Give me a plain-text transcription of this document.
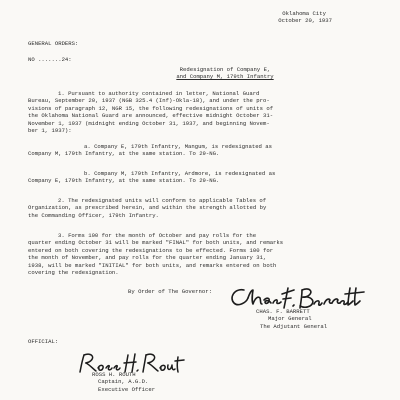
Oklahoma City
October 20, 1937
GENERAL ORDERS:
NO .......24:
Redesignation of Company E,
and Company M, 179th Infantry
1. Pursuant to authority contained in letter, National Guard
Bureau, September 20, 1937 (NGB 325.4 (Inf)-Okla-18), and under the pro-
visions of paragraph 12, NGR 15, the following redesignations of units of
the Oklahoma National Guard are announced, effective midnight October 31-
November 1, 1937 (midnight ending October 31, 1937, and beginning Novem-
ber 1, 1937):
a. Company E, 179th Infantry, Mangum, is redesignated as
Company M, 179th Infantry, at the same station. To 29-NG.
b. Company M, 179th Infantry, Ardmore, is redesignated as
Company E, 179th Infantry, at the same station. To 29-NG.
2. The redesignated units will conform to applicable Tables of
Organization, as prescribed herein, and within the strength allotted by
the Commanding Officer, 179th Infantry.
3. Forms 100 for the month of October and pay rolls for the
quarter ending October 31 will be marked "FINAL" for both units, and remarks
entered on both covering the redesignations to be effected. Forms 100 for
the month of November, and pay rolls for the quarter ending January 31,
1938, will be marked "INITIAL" for both units, and remarks entered on both
covering the redesignation.
By Order of The Governor:
CHAS. F. BARRETT
Major General
The Adjutant General
OFFICIAL:
ROSS H. ROUTH
Captain, A.G.D.
Executive Officer
